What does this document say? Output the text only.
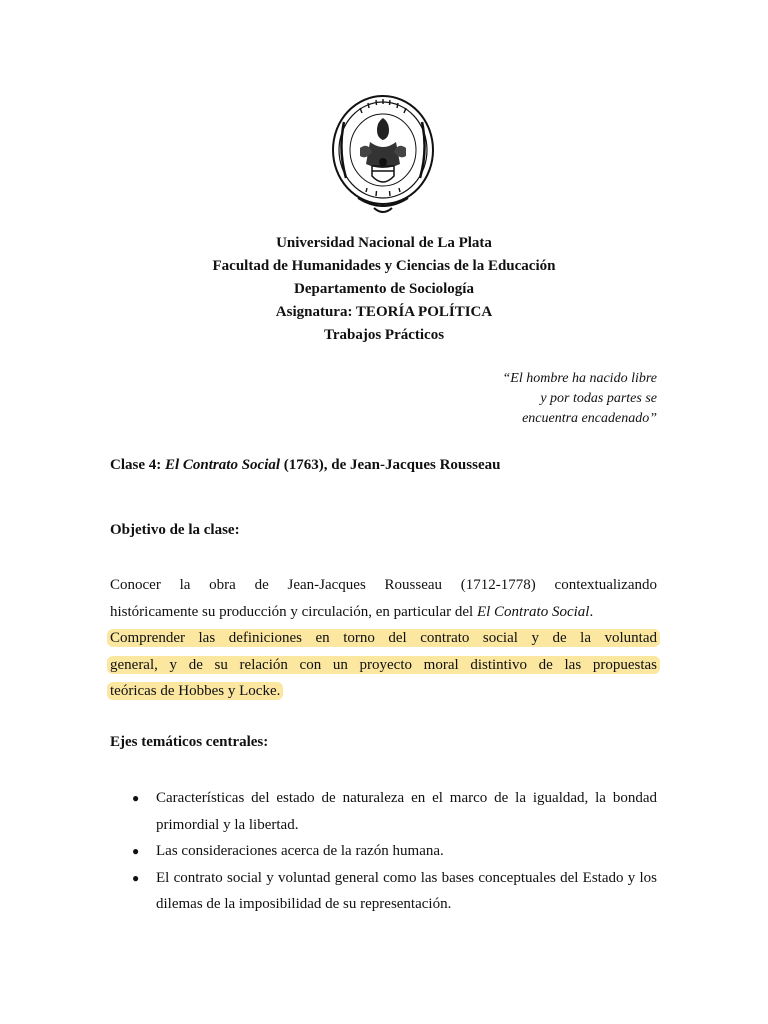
Universidad Nacional de La Plata
Facultad de Humanidades y Ciencias de la Educación
Departamento de Sociología
Asignatura: TEORÍA POLÍTICA
Trabajos Prácticos
“El hombre ha nacido libre
y por todas partes se
encuentra encadenado”
Clase 4: El Contrato Social (1763), de Jean-Jacques Rousseau
Objetivo de la clase:
Conocer la obra de Jean-Jacques Rousseau (1712-1778) contextualizando
históricamente su producción y circulación, en particular del El Contrato Social.
Comprender las definiciones en torno del contrato social y de la voluntad
general, y de su relación con un proyecto moral distintivo de las propuestas
teóricas de Hobbes y Locke.
Ejes temáticos centrales:
● Características del estado de naturaleza en el marco de la igualdad, la bondad primordial y la libertad.
● Las consideraciones acerca de la razón humana.
● El contrato social y voluntad general como las bases conceptuales del Estado y los dilemas de la imposibilidad de su representación.
